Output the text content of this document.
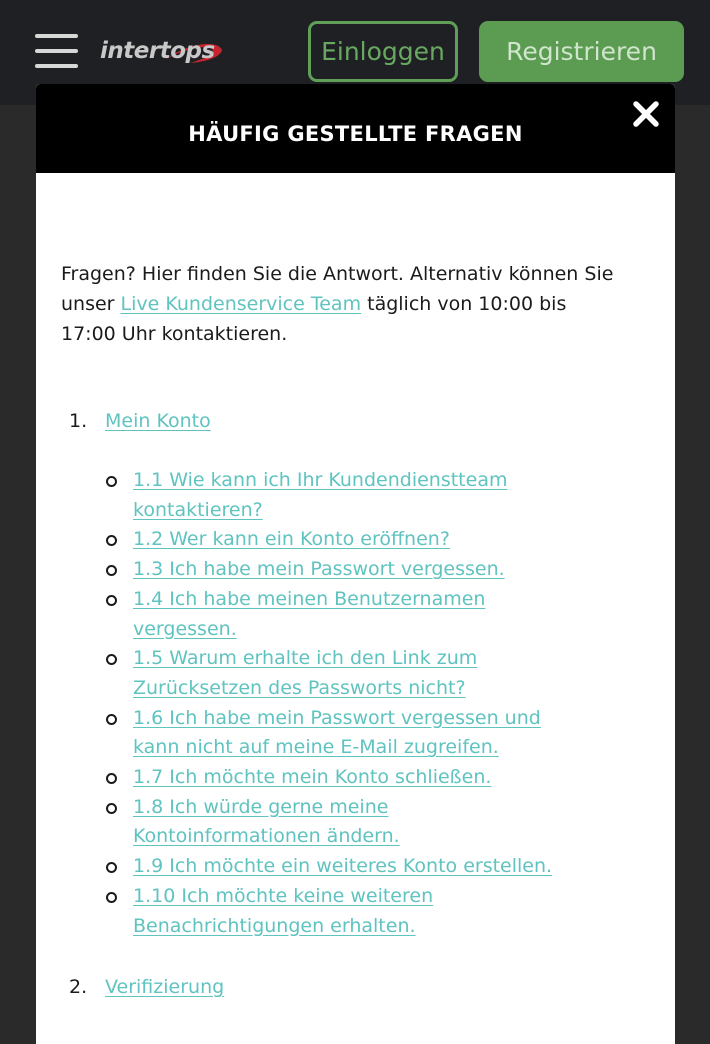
intertops	Einloggen	Registrieren
HÄUFIG GESTELLTE FRAGEN
Fragen? Hier finden Sie die Antwort. Alternativ können Sie unser Live Kundenservice Team täglich von 10:00 bis 17:00 Uhr kontaktieren.
1. Mein Konto
1.1 Wie kann ich Ihr Kundendienstteam kontaktieren?
1.2 Wer kann ein Konto eröffnen?
1.3 Ich habe mein Passwort vergessen.
1.4 Ich habe meinen Benutzernamen vergessen.
1.5 Warum erhalte ich den Link zum Zurücksetzen des Passworts nicht?
1.6 Ich habe mein Passwort vergessen und kann nicht auf meine E-Mail zugreifen.
1.7 Ich möchte mein Konto schließen.
1.8 Ich würde gerne meine Kontoinformationen ändern.
1.9 Ich möchte ein weiteres Konto erstellen.
1.10 Ich möchte keine weiteren Benachrichtigungen erhalten.
2. Verifizierung
